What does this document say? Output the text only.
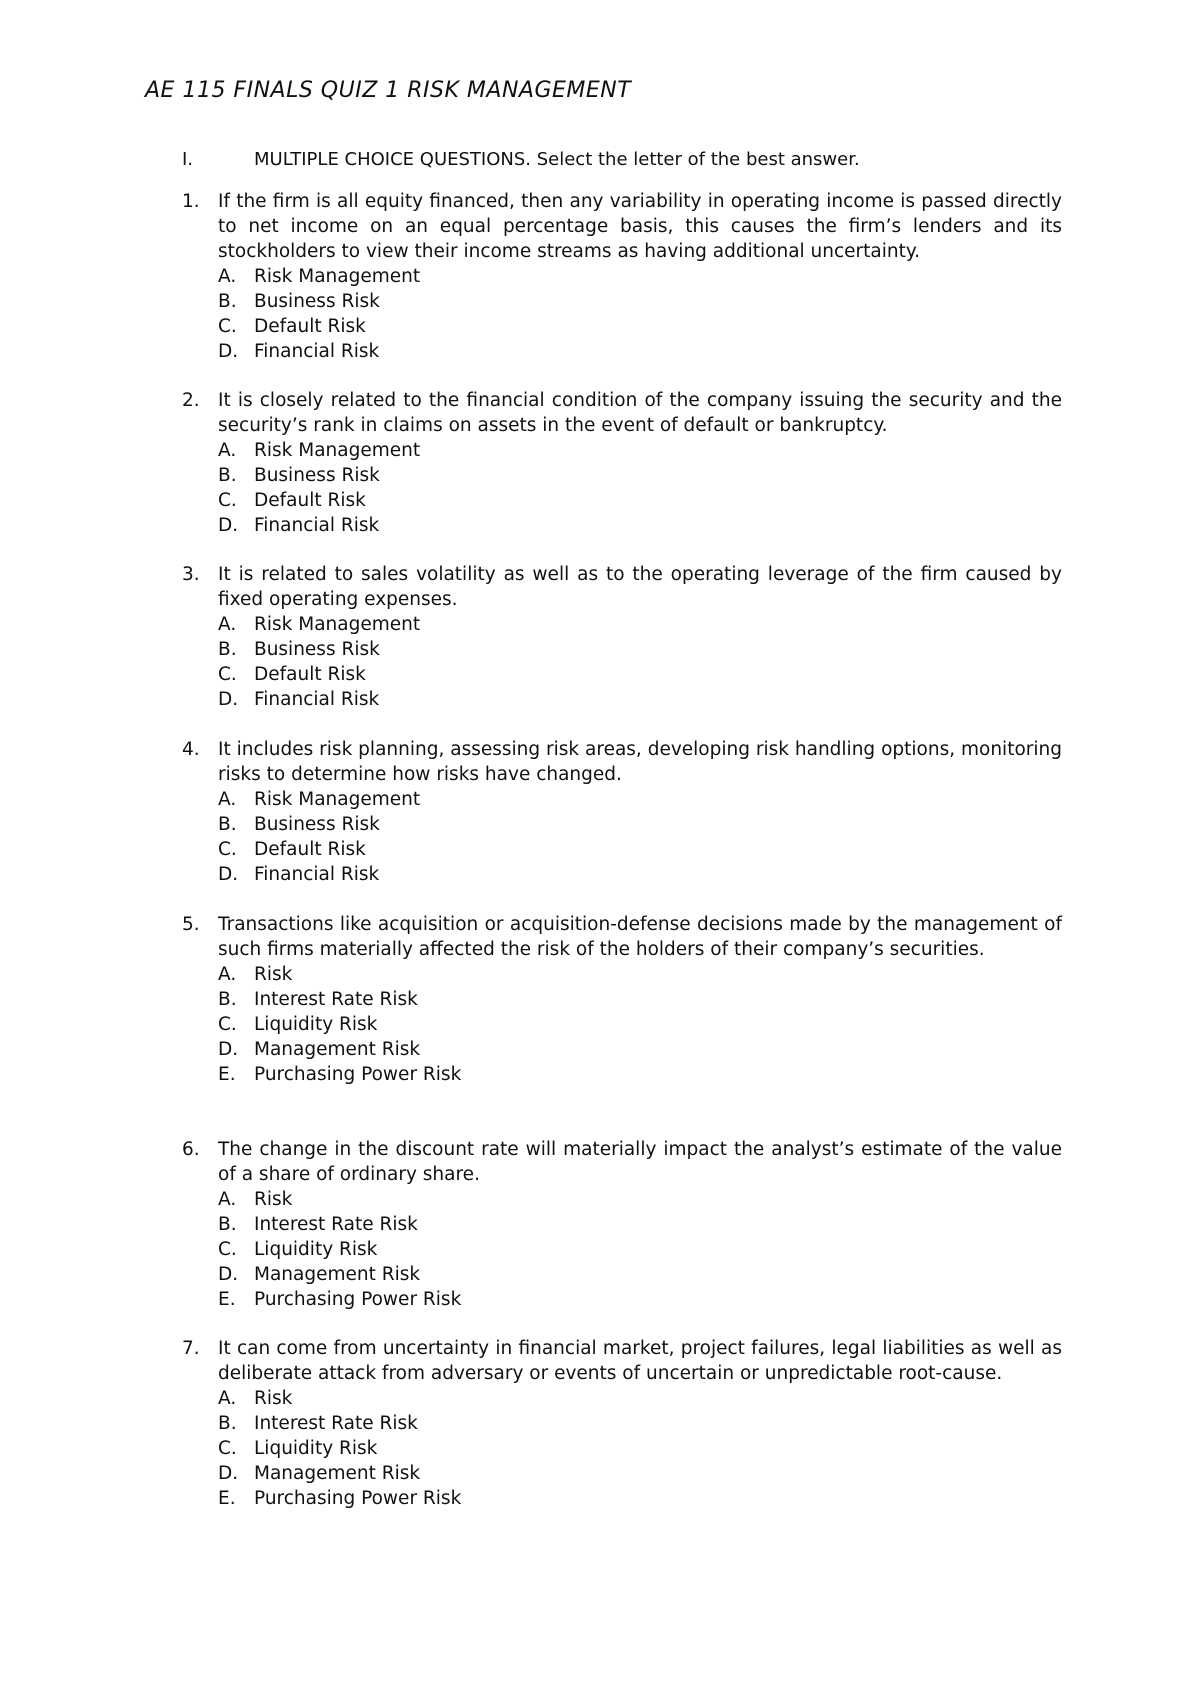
AE 115 FINALS QUIZ 1 RISK MANAGEMENT
I.	MULTIPLE CHOICE QUESTIONS. Select the letter of the best answer.
1. If the firm is all equity financed, then any variability in operating income is passed directly to net income on an equal percentage basis, this causes the firm’s lenders and its stockholders to view their income streams as having additional uncertainty.
A. Risk Management
B. Business Risk
C. Default Risk
D. Financial Risk
2. It is closely related to the financial condition of the company issuing the security and the security’s rank in claims on assets in the event of default or bankruptcy.
A. Risk Management
B. Business Risk
C. Default Risk
D. Financial Risk
3. It is related to sales volatility as well as to the operating leverage of the firm caused by fixed operating expenses.
A. Risk Management
B. Business Risk
C. Default Risk
D. Financial Risk
4. It includes risk planning, assessing risk areas, developing risk handling options, monitoring risks to determine how risks have changed.
A. Risk Management
B. Business Risk
C. Default Risk
D. Financial Risk
5. Transactions like acquisition or acquisition-defense decisions made by the management of such firms materially affected the risk of the holders of their company’s securities.
A. Risk
B. Interest Rate Risk
C. Liquidity Risk
D. Management Risk
E. Purchasing Power Risk
6. The change in the discount rate will materially impact the analyst’s estimate of the value of a share of ordinary share.
A. Risk
B. Interest Rate Risk
C. Liquidity Risk
D. Management Risk
E. Purchasing Power Risk
7. It can come from uncertainty in financial market, project failures, legal liabilities as well as deliberate attack from adversary or events of uncertain or unpredictable root-cause.
A. Risk
B. Interest Rate Risk
C. Liquidity Risk
D. Management Risk
E. Purchasing Power Risk
